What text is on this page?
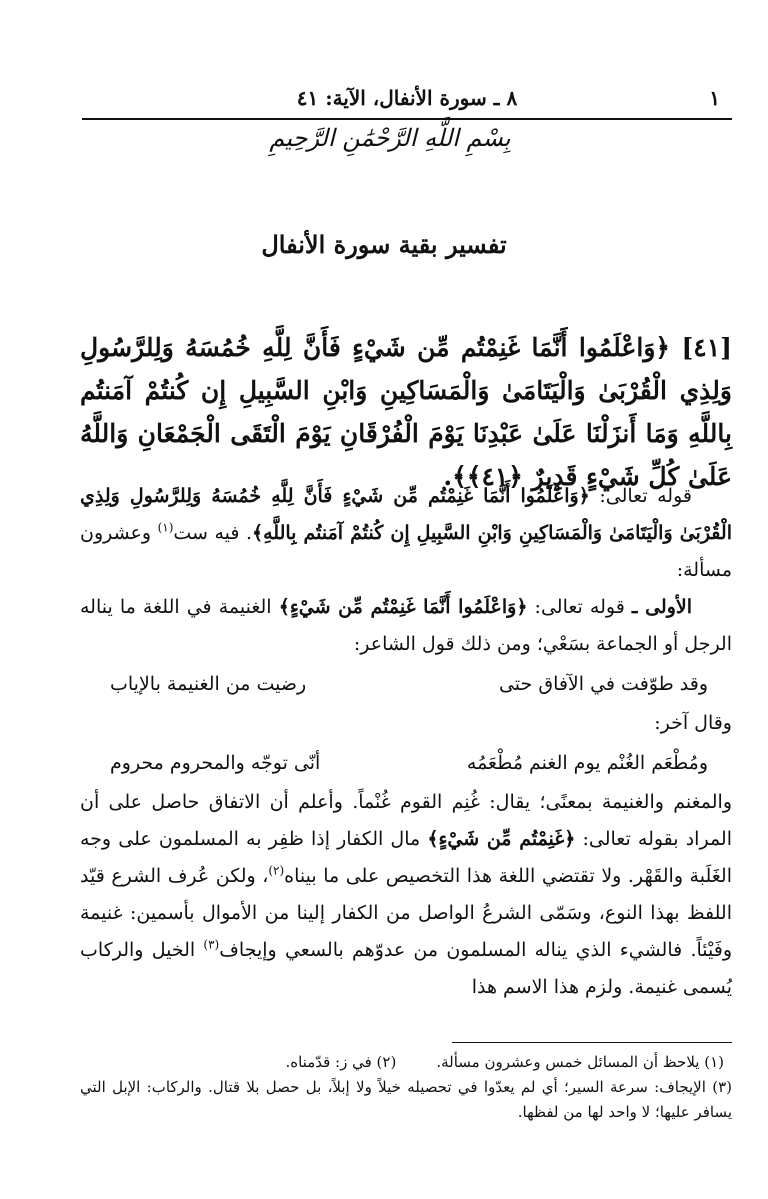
١
٨ ـ سورة الأنفال، الآية: ٤١
بِسْمِ اللَّهِ الرَّحْمَٰنِ الرَّحِيمِ
تفسير بقية سورة الأنفال
[٤١] ﴿وَاعْلَمُوا أَنَّمَا غَنِمْتُم مِّن شَيْءٍ فَأَنَّ لِلَّهِ خُمُسَهُ وَلِلرَّسُولِ وَلِذِي الْقُرْبَىٰ وَالْيَتَامَىٰ وَالْمَسَاكِينِ وَابْنِ السَّبِيلِ إِن كُنتُمْ آمَنتُم بِاللَّهِ وَمَا أَنزَلْنَا عَلَىٰ عَبْدِنَا يَوْمَ الْفُرْقَانِ يَوْمَ الْتَقَى الْجَمْعَانِ وَاللَّهُ عَلَىٰ كُلِّ شَيْءٍ قَدِيرٌ ﴿٤١﴾﴾.

قوله تعالى: ﴿وَاعْلَمُوا أَنَّمَا غَنِمْتُم مِّن شَيْءٍ فَأَنَّ لِلَّهِ خُمُسَهُ وَلِلرَّسُولِ وَلِذِي الْقُرْبَىٰ وَالْيَتَامَىٰ وَالْمَسَاكِينِ وَابْنِ السَّبِيلِ إِن كُنتُمْ آمَنتُم بِاللَّهِ﴾. فيه ست$^{(١)}$ وعشرون مسألة:

الأولى ـ قوله تعالى: ﴿وَاعْلَمُوا أَنَّمَا غَنِمْتُم مِّن شَيْءٍ﴾ الغنيمة في اللغة ما يناله الرجل أو الجماعة بسَعْي؛ ومن ذلك قول الشاعر:

وقد طوّفت في الآفاق حتى
رضيت من الغنيمة بالإياب

وقال آخر:

ومُطْعَم الغُنْم يوم الغنم مُطْعَمُه
أنّى توجّه والمحروم محروم

والمغنم والغنيمة بمعنًى؛ يقال: غُنِم القوم غُنْماً. وأعلم أن الاتفاق حاصل على أن المراد بقوله تعالى: ﴿غَنِمْتُم مِّن شَيْءٍ﴾ مال الكفار إذا ظفِر به المسلمون على وجه الغَلَبة والقَهْر. ولا تقتضي اللغة هذا التخصيص على ما بيناه$^{(٢)}$، ولكن عُرف الشرع قيّد اللفظ بهذا النوع، وسَمّى الشرعُ الواصل من الكفار إلينا من الأموال بأسمين: غنيمة وفَيْئاً. فالشيء الذي يناله المسلمون من عدوّهم بالسعي وإيجاف$^{(٣)}$ الخيل والركاب يُسمى غنيمة. ولزم هذا الاسم هذا

(١) يلاحظ أن المسائل خمس وعشرون مسألة.
(٢) في ز: قدّمناه.

(٣) الإيجاف: سرعة السير؛ أي لم يعدّوا في تحصيله خيلاً ولا إبلاً، بل حصل بلا قتال. والركاب: الإبل التي يسافر عليها؛ لا واحد لها من لفظها.
